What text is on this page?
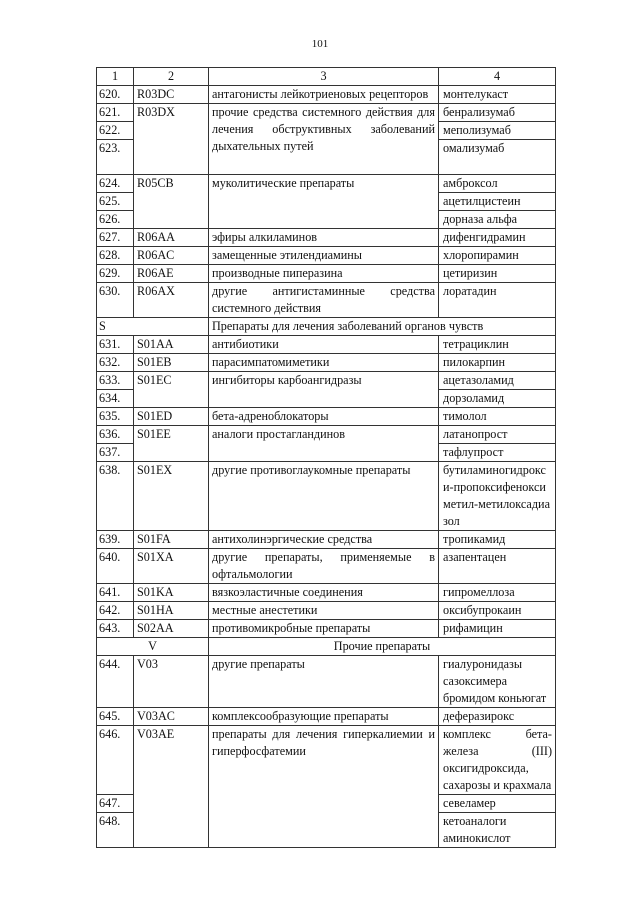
101
1	2	3	4
620.	R03DC	антагонисты лейкотриеновых рецепторов	монтелукаст
621.	R03DX	прочие средства системного действия для лечения обструктивных заболеваний дыхательных путей	бенрализумаб
622.			меполизумаб
623.			омализумаб
624.	R05CB	муколитические препараты	амброксол
625.			ацетилцистеин
626.			дорназа альфа
627.	R06AA	эфиры алкиламинов	дифенгидрамин
628.	R06AC	замещенные этилендиамины	хлоропирамин
629.	R06AE	производные пиперазина	цетиризин
630.	R06AX	другие антигистаминные средства системного действия	лоратадин
S		Препараты для лечения заболеваний органов чувств	
631.	S01AA	антибиотики	тетрациклин
632.	S01EB	парасимпатомиметики	пилокарпин
633.	S01EC	ингибиторы карбоангидразы	ацетазоламид
634.			дорзоламид
635.	S01ED	бета-адреноблокаторы	тимолол
636.	S01EE	аналоги простагландинов	латанопрост
637.			тафлупрост
638.	S01EX	другие противоглаукомные препараты	бутиламиногидрокси-пропоксифеноксиметил-метилоксадиазол
639.	S01FA	антихолинэргические средства	тропикамид
640.	S01XA	другие препараты, применяемые в офтальмологии	азапентацен
641.	S01KA	вязкоэластичные соединения	гипромеллоза
642.	S01HA	местные анестетики	оксибупрокаин
643.	S02AA	противомикробные препараты	рифамицин
V		Прочие препараты	
644.	V03	другие препараты	гиалуронидазы сазоксимера бромидом коньюгат
645.	V03AC	комплексообразующие препараты	деферазирокс
646.	V03AE	препараты для лечения гиперкалиемии и гиперфосфатемии	комплекс бета-железа (III) оксигидроксида, сахарозы и крахмала
647.			севеламер
648.			кетоаналоги аминокислот
